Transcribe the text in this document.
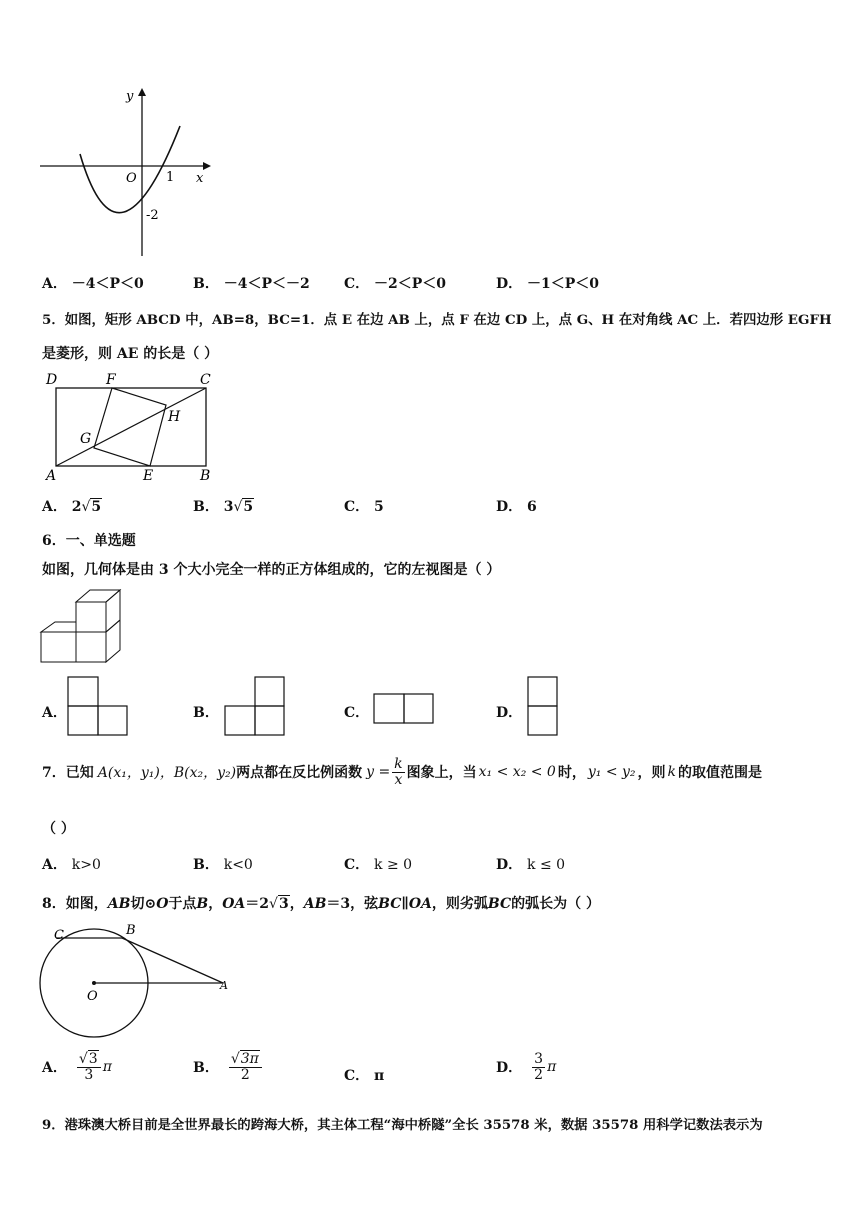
y
x
O 1
-2
A． －4＜P＜0	B． －4＜P＜－2 C． －2＜P＜0	D． －1＜P＜0
5．如图，矩形 ABCD 中，AB=8，BC=1．点 E 在边 AB 上，点 F 在边 CD 上，点 G、H 在对角线 AC 上．若四边形 EGFH
是菱形，则 AE 的长是（ ）
D	F	C
H
G
A	E	B
A． 2√5	B． 3√5	C． 5	D． 6
6．一、单选题
如图，几何体是由 3 个大小完全一样的正方体组成的，它的左视图是（ ）
A．	B．	C．	D．
7．已知 A(x₁，y₁)， B(x₂，y₂) 两点都在反比例函数 $y = \frac{k}{x}$ 图象上，当 x₁ < x₂ < 0 时， y₁ < y₂ ，则 k 的取值范围是
（ ）
A． k>0	B． k<0	C． k ≥ 0	D． k ≤ 0
8．如图，AB切⊙O于点B，OA＝2√3，AB＝3，弦BC∥OA，则劣弧BC的弧长为（ ）
C	B
O
A
A． $\frac{√3}{3}$ π	B． $\frac{√3\pi}{2}$	C． π	D． $\frac{3}{2}$ π
9．港珠澳大桥目前是全世界最长的跨海大桥，其主体工程“海中桥隧”全长 35578 米，数据 35578 用科学记数法表示为
